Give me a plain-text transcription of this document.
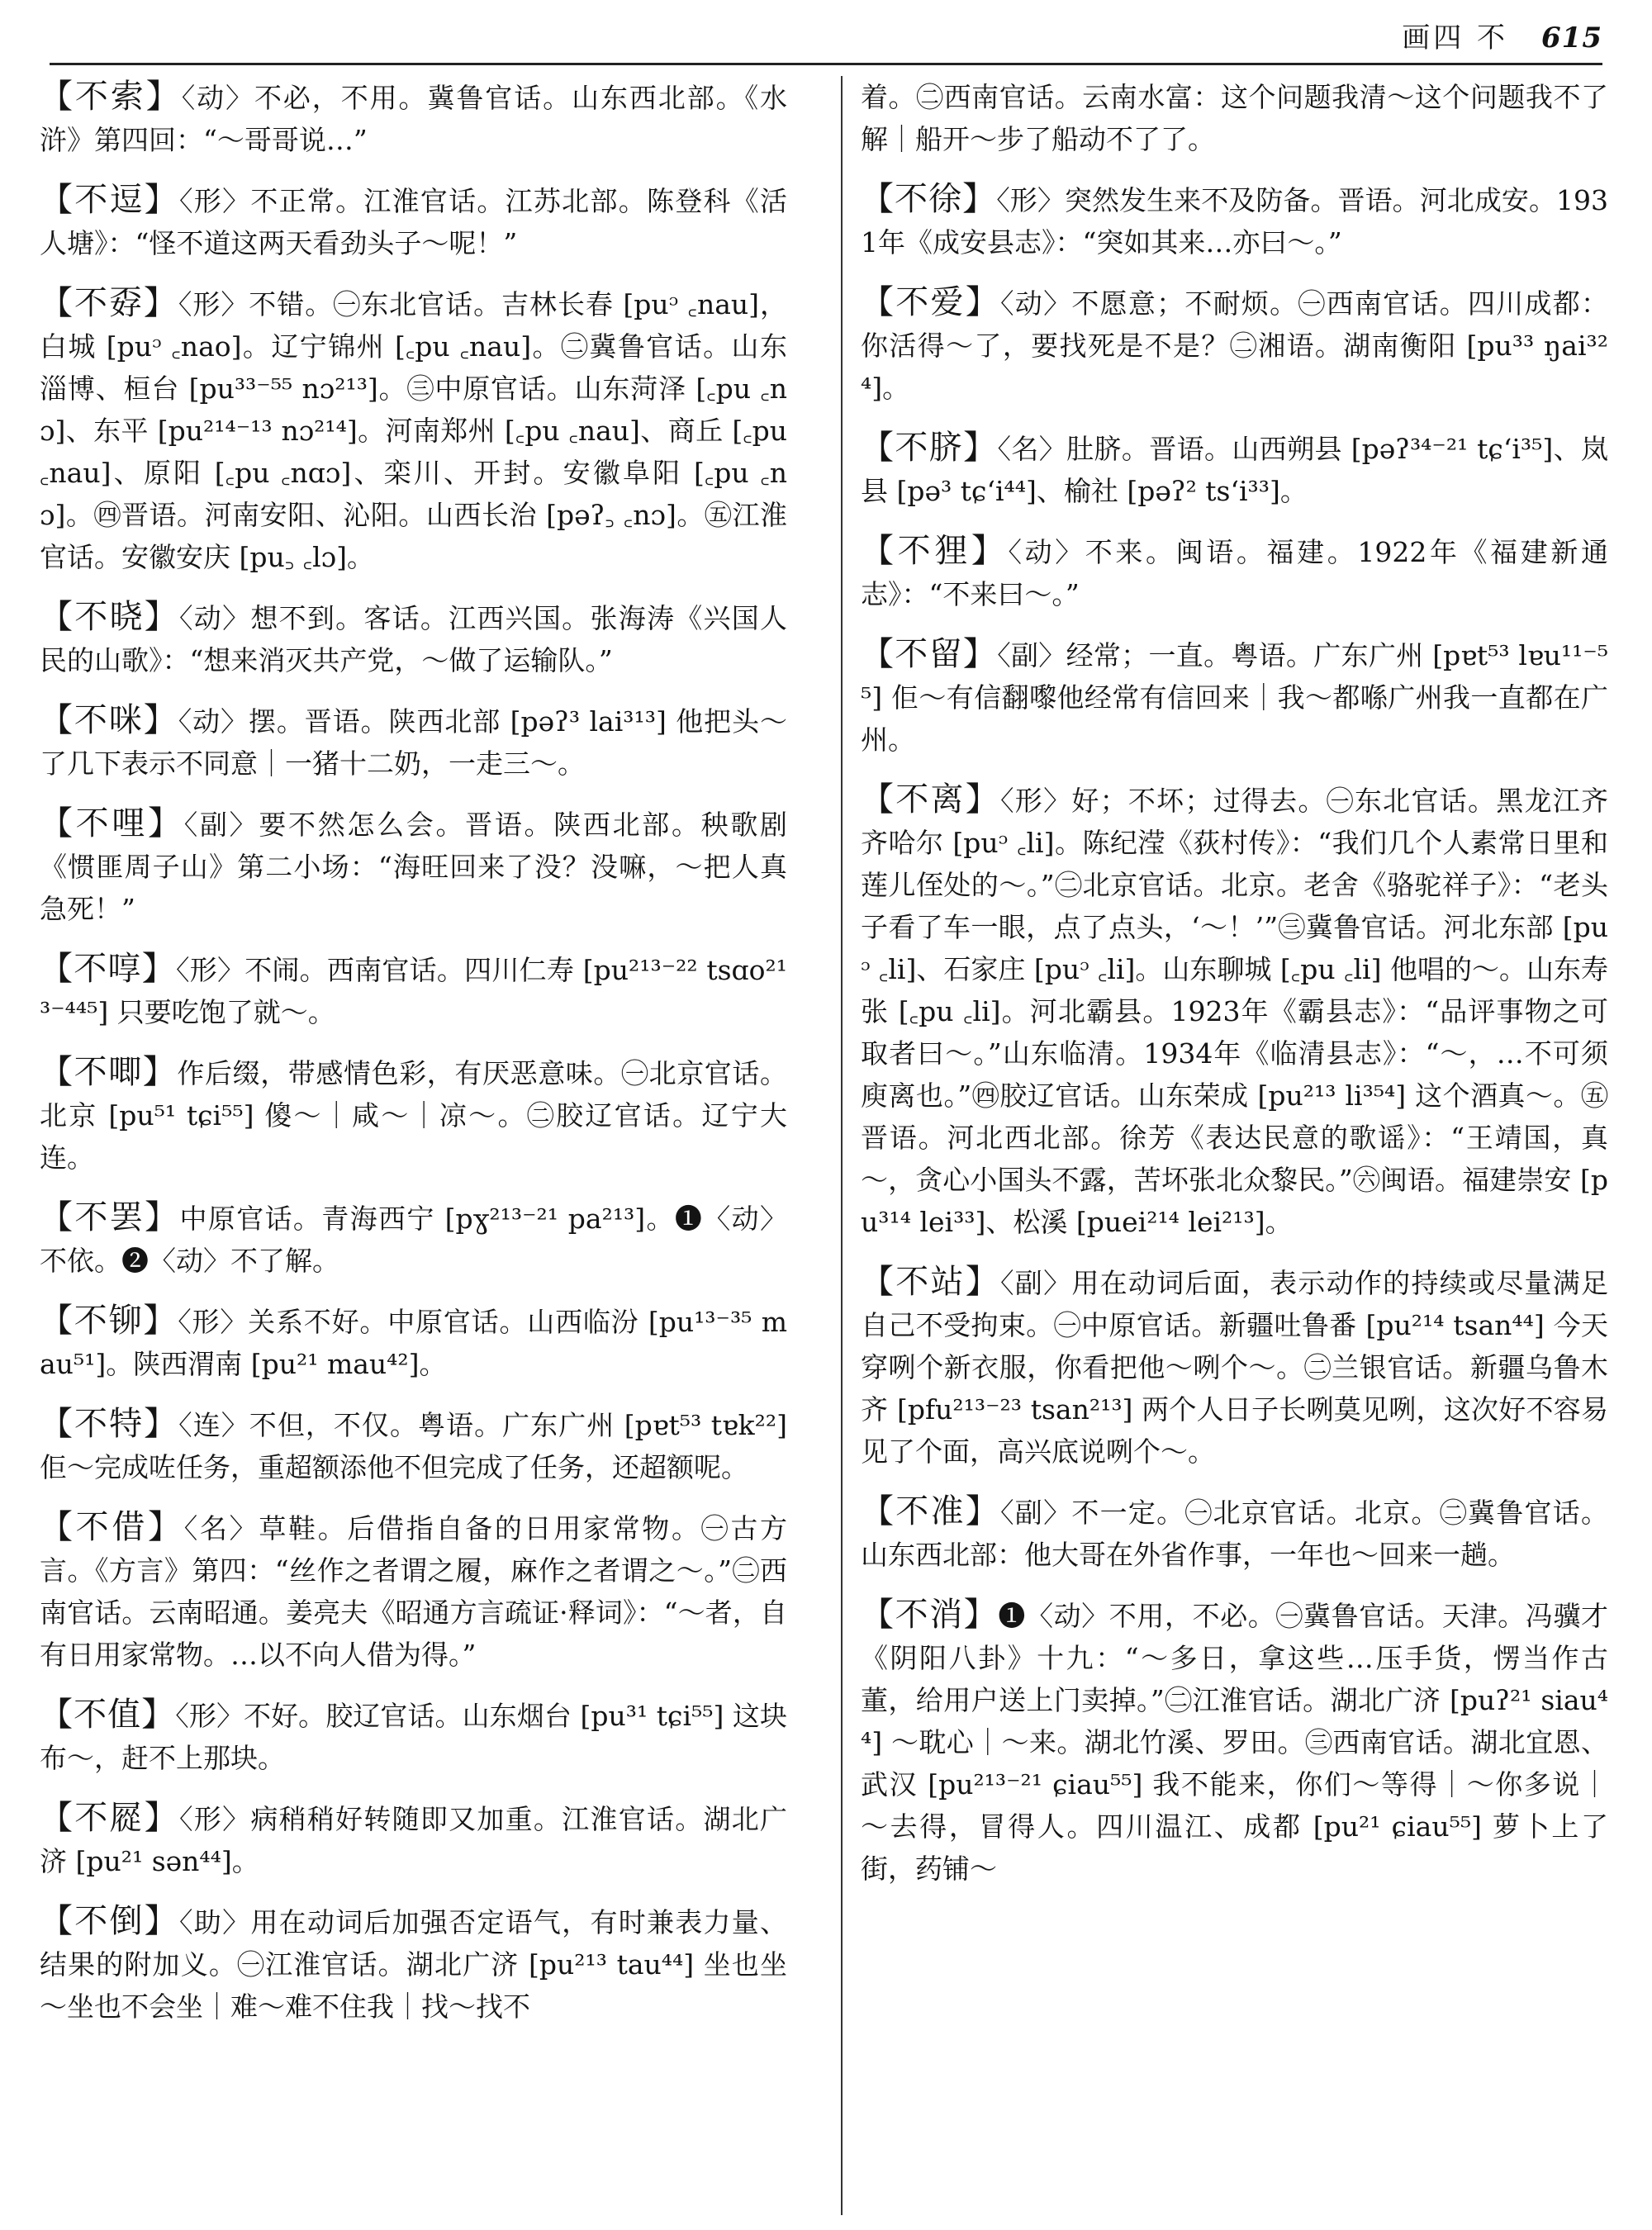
画四 不 615

【不索】〈动〉不必，不用。冀鲁官话。山东西北部。《水浒》第四回：“～哥哥说…”

【不逗】〈形〉不正常。江淮官话。江苏北部。陈登科《活人塘》：“怪不道这两天看劲头子～呢！”

【不孬】〈形〉不错。㊀东北官话。吉林长春 [puᵓ ꜀nau]，白城 [puᵓ ꜀nao]。辽宁锦州 [꜀pu ꜀nau]。㊁冀鲁官话。山东淄博、桓台 [pu³³⁻⁵⁵ nɔ²¹³]。㊂中原官话。山东菏泽 [꜀pu ꜀nɔ]、东平 [pu²¹⁴⁻¹³ nɔ²¹⁴]。河南郑州 [꜀pu ꜀nau]、商丘 [꜀pu ꜀nau]、原阳 [꜀pu ꜀nɑɔ]、栾川、开封。安徽阜阳 [꜀pu ꜀nɔ]。㊃晋语。河南安阳、沁阳。山西长治 [pəʔ꜆ ꜀nɔ]。㊄江淮官话。安徽安庆 [pu꜆ ꜀lɔ]。

【不晓】〈动〉想不到。客话。江西兴国。张海涛《兴国人民的山歌》：“想来消灭共产党，～做了运输队。”

【不咪】〈动〉摆。晋语。陕西北部 [pəʔ³ lai³¹³] 他把头～了几下表示不同意｜一猪十二奶，一走三～。

【不哩】〈副〉要不然怎么会。晋语。陕西北部。秧歌剧《惯匪周子山》第二小场：“海旺回来了没？没嘛，～把人真急死！”

【不啍】〈形〉不闹。西南官话。四川仁寿 [pu²¹³⁻²² tsɑo²¹³⁻⁴⁴⁵] 只要吃饱了就～。

【不唧】作后缀，带感情色彩，有厌恶意味。㊀北京官话。北京 [pu⁵¹ tɕi⁵⁵] 傻～｜咸～｜凉～。㊁胶辽官话。辽宁大连。

【不罢】中原官话。青海西宁 [pɣ²¹³⁻²¹ pa²¹³]。❶〈动〉不依。❷〈动〉不了解。

【不铆】〈形〉关系不好。中原官话。山西临汾 [pu¹³⁻³⁵ mau⁵¹]。陕西渭南 [pu²¹ mau⁴²]。

【不特】〈连〉不但，不仅。粤语。广东广州 [pɐt⁵³ tɐk²²] 佢～完成咗任务，重超额添他不但完成了任务，还超额呢。

【不借】〈名〉草鞋。后借指自备的日用家常物。㊀古方言。《方言》第四：“丝作之者谓之履，麻作之者谓之～。”㊁西南官话。云南昭通。姜亮夫《昭通方言疏证·释词》：“～者，自有日用家常物。…以不向人借为得。”

【不值】〈形〉不好。胶辽官话。山东烟台 [pu³¹ tɕi⁵⁵] 这块布～，赶不上那块。

【不㞞】〈形〉病稍稍好转随即又加重。江淮官话。湖北广济 [pu²¹ sən⁴⁴]。

【不倒】〈助〉用在动词后加强否定语气，有时兼表力量、结果的附加义。㊀江淮官话。湖北广济 [pu²¹³ tau⁴⁴] 坐也坐～坐也不会坐｜难～难不住我｜找～找不

着。㊁西南官话。云南水富：这个问题我清～这个问题我不了解｜船开～步了船动不了了。

【不徐】〈形〉突然发生来不及防备。晋语。河北成安。1931年《成安县志》：“突如其来…亦曰～。”

【不爱】〈动〉不愿意；不耐烦。㊀西南官话。四川成都：你活得～了，要找死是不是？㊁湘语。湖南衡阳 [pu³³ ŋai³²⁴]。

【不脐】〈名〉肚脐。晋语。山西朔县 [pəʔ³⁴⁻²¹ tɕʻi³⁵]、岚县 [pə³ tɕʻi⁴⁴]、榆社 [pəʔ² tsʻi³³]。

【不狸】〈动〉不来。闽语。福建。1922年《福建新通志》：“不来曰～。”

【不留】〈副〉经常；一直。粤语。广东广州 [pɐt⁵³ lɐu¹¹⁻⁵⁵] 佢～有信翻嚟他经常有信回来｜我～都喺广州我一直都在广州。

【不离】〈形〉好；不坏；过得去。㊀东北官话。黑龙江齐齐哈尔 [puᵓ ꜀li]。陈纪滢《荻村传》：“我们几个人素常日里和莲儿侄处的～。”㊁北京官话。北京。老舍《骆驼祥子》：“老头子看了车一眼，点了点头，‘～！’”㊂冀鲁官话。河北东部 [puᵓ ꜀li]、石家庄 [puᵓ ꜀li]。山东聊城 [꜀pu ꜀li] 他唱的～。山东寿张 [꜀pu ꜀li]。河北霸县。1923年《霸县志》：“品评事物之可取者曰～。”山东临清。1934年《临清县志》：“～，…不可须庾离也。”㊃胶辽官话。山东荣成 [pu²¹³ li³⁵⁴] 这个酒真～。㊄晋语。河北西北部。徐芳《表达民意的歌谣》：“王靖国，真～，贪心小国头不露，苦坏张北众黎民。”㊅闽语。福建崇安 [pu³¹⁴ lei³³]、松溪 [puei²¹⁴ lei²¹³]。

【不站】〈副〉用在动词后面，表示动作的持续或尽量满足自己不受拘束。㊀中原官话。新疆吐鲁番 [pu²¹⁴ tsan⁴⁴] 今天穿咧个新衣服，你看把他～咧个～。㊁兰银官话。新疆乌鲁木齐 [pfu²¹³⁻²³ tsan²¹³] 两个人日子长咧莫见咧，这次好不容易见了个面，高兴底说咧个～。

【不准】〈副〉不一定。㊀北京官话。北京。㊁冀鲁官话。山东西北部：他大哥在外省作事，一年也～回来一趟。

【不消】❶〈动〉不用，不必。㊀冀鲁官话。天津。冯骥才《阴阳八卦》十九：“～多日，拿这些…压手货，愣当作古董，给用户送上门卖掉。”㊁江淮官话。湖北广济 [puʔ²¹ siau⁴⁴] ～耽心｜～来。湖北竹溪、罗田。㊂西南官话。湖北宜恩、武汉 [pu²¹³⁻²¹ ɕiau⁵⁵] 我不能来，你们～等得｜～你多说｜～去得，冒得人。四川温江、成都 [pu²¹ ɕiau⁵⁵] 萝卜上了街，药铺～
